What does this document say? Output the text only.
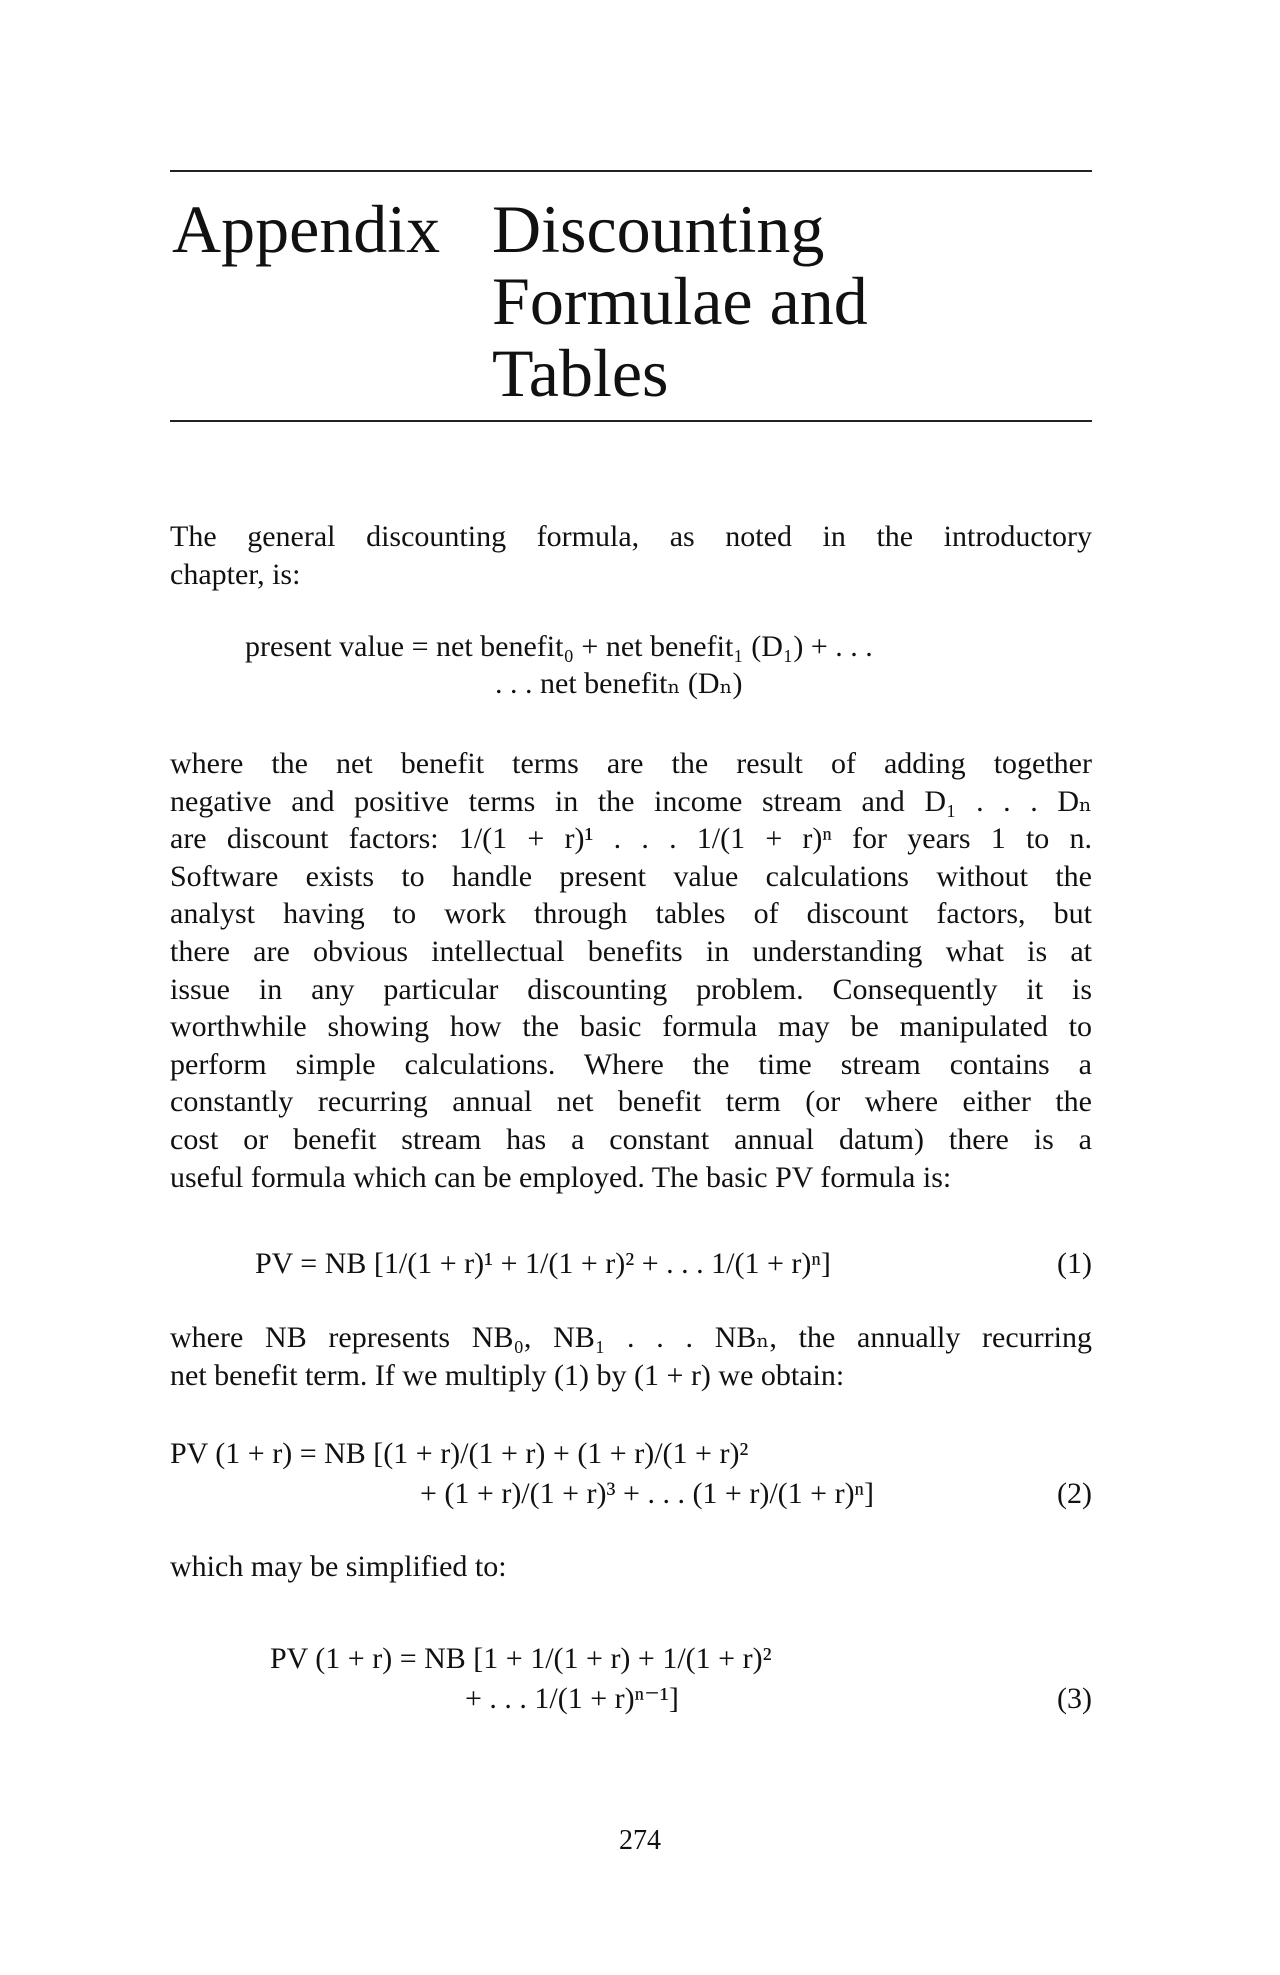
Appendix Discounting
Formulae and
Tables

The general discounting formula, as noted in the introductory
chapter, is:

present value = net benefit₀ + net benefit₁ (D₁) + . . .
. . . net benefitₙ (Dₙ)

where the net benefit terms are the result of adding together
negative and positive terms in the income stream and D₁ . . . Dₙ
are discount factors: 1/(1 + r)¹ . . . 1/(1 + r)ⁿ for years 1 to n.
Software exists to handle present value calculations without the
analyst having to work through tables of discount factors, but
there are obvious intellectual benefits in understanding what is at
issue in any particular discounting problem. Consequently it is
worthwhile showing how the basic formula may be manipulated to
perform simple calculations. Where the time stream contains a
constantly recurring annual net benefit term (or where either the
cost or benefit stream has a constant annual datum) there is a
useful formula which can be employed. The basic PV formula is:

PV = NB [1/(1 + r)¹ + 1/(1 + r)² + . . . 1/(1 + r)ⁿ]	(1)

where NB represents NB₀, NB₁ . . . NBₙ, the annually recurring
net benefit term. If we multiply (1) by (1 + r) we obtain:

PV (1 + r) = NB [(1 + r)/(1 + r) + (1 + r)/(1 + r)²
+ (1 + r)/(1 + r)³ + . . . (1 + r)/(1 + r)ⁿ]	(2)

which may be simplified to:

PV (1 + r) = NB [1 + 1/(1 + r) + 1/(1 + r)²
+ . . . 1/(1 + r)ⁿ⁻¹]	(3)
274
